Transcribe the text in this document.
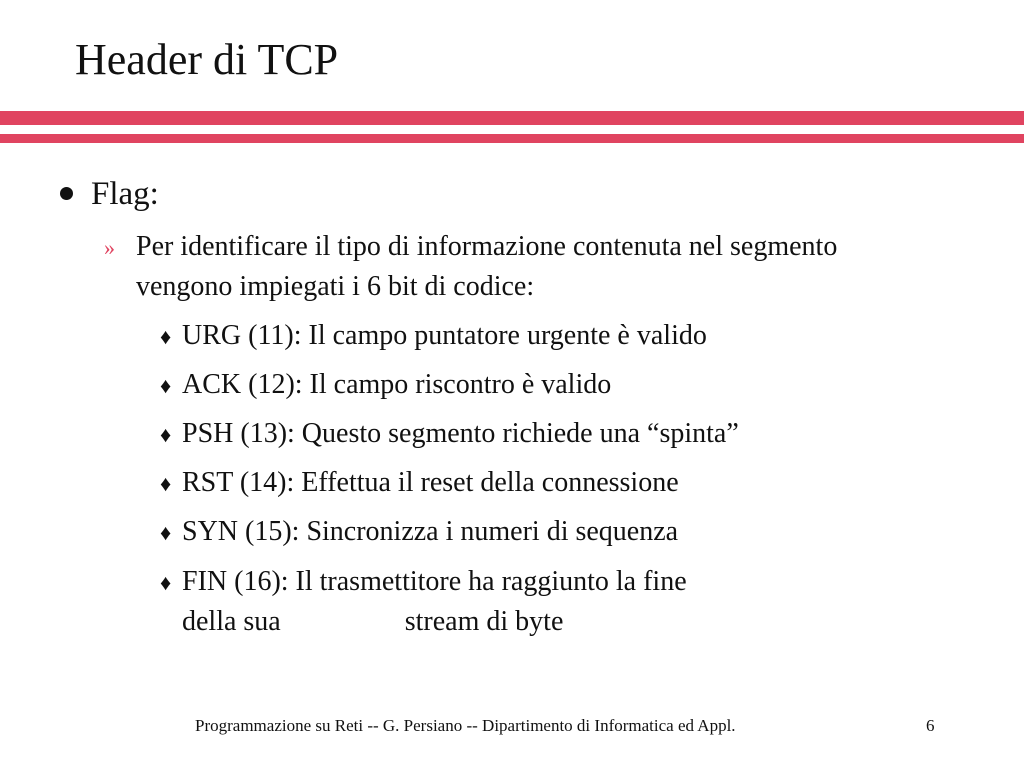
Header di TCP
Flag:
» Per identificare il tipo di informazione contenuta nel segmento vengono impiegati i 6 bit di codice:
♦ URG (11): Il campo puntatore urgente è valido
♦ ACK (12): Il campo riscontro è valido
♦ PSH (13): Questo segmento richiede una “spinta”
♦ RST (14): Effettua il reset della connessione
♦ SYN (15): Sincronizza i numeri di sequenza
♦ FIN (16): Il trasmettitore ha raggiunto la fine
della sua	stream di byte
Programmazione su Reti -- G. Persiano -- Dipartimento di Informatica ed Appl.	6
